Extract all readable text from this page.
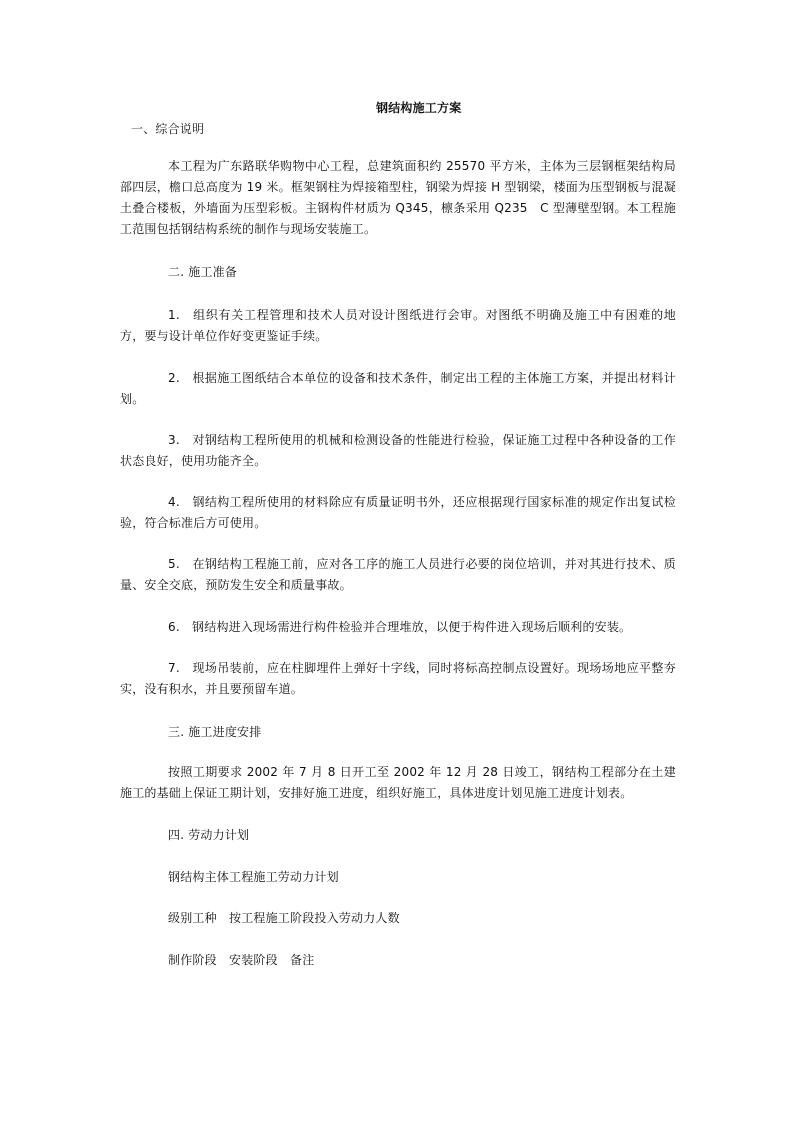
钢结构施工方案
一、综合说明
本工程为广东路联华购物中心工程，总建筑面积约 25570 平方米，主体为三层钢框架结构局部四层，檐口总高度为 19 米。框架钢柱为焊接箱型柱，钢梁为焊接 H 型钢梁，楼面为压型钢板与混凝土叠合楼板，外墙面为压型彩板。主钢构件材质为 Q345，檩条采用 Q235　C 型薄壁型钢。本工程施工范围包括钢结构系统的制作与现场安装施工。
二. 施工准备
1.　组织有关工程管理和技术人员对设计图纸进行会审。对图纸不明确及施工中有困难的地方，要与设计单位作好变更鉴证手续。
2.　根据施工图纸结合本单位的设备和技术条件，制定出工程的主体施工方案，并提出材料计划。
3.　对钢结构工程所使用的机械和检测设备的性能进行检验，保证施工过程中各种设备的工作状态良好，使用功能齐全。
4.　钢结构工程所使用的材料除应有质量证明书外，还应根据现行国家标准的规定作出复试检验，符合标准后方可使用。
5.　在钢结构工程施工前，应对各工序的施工人员进行必要的岗位培训，并对其进行技术、质量、安全交底，预防发生安全和质量事故。
6.　钢结构进入现场需进行构件检验并合理堆放，以便于构件进入现场后顺利的安装。
7.　现场吊装前，应在柱脚埋件上弹好十字线，同时将标高控制点设置好。现场场地应平整夯实，没有积水，并且要预留车道。
三. 施工进度安排
按照工期要求 2002 年 7 月 8 日开工至 2002 年 12 月 28 日竣工，钢结构工程部分在土建施工的基础上保证工期计划，安排好施工进度，组织好施工，具体进度计划见施工进度计划表。
四. 劳动力计划
钢结构主体工程施工劳动力计划
级别工种　按工程施工阶段投入劳动力人数
制作阶段　安装阶段　备注
